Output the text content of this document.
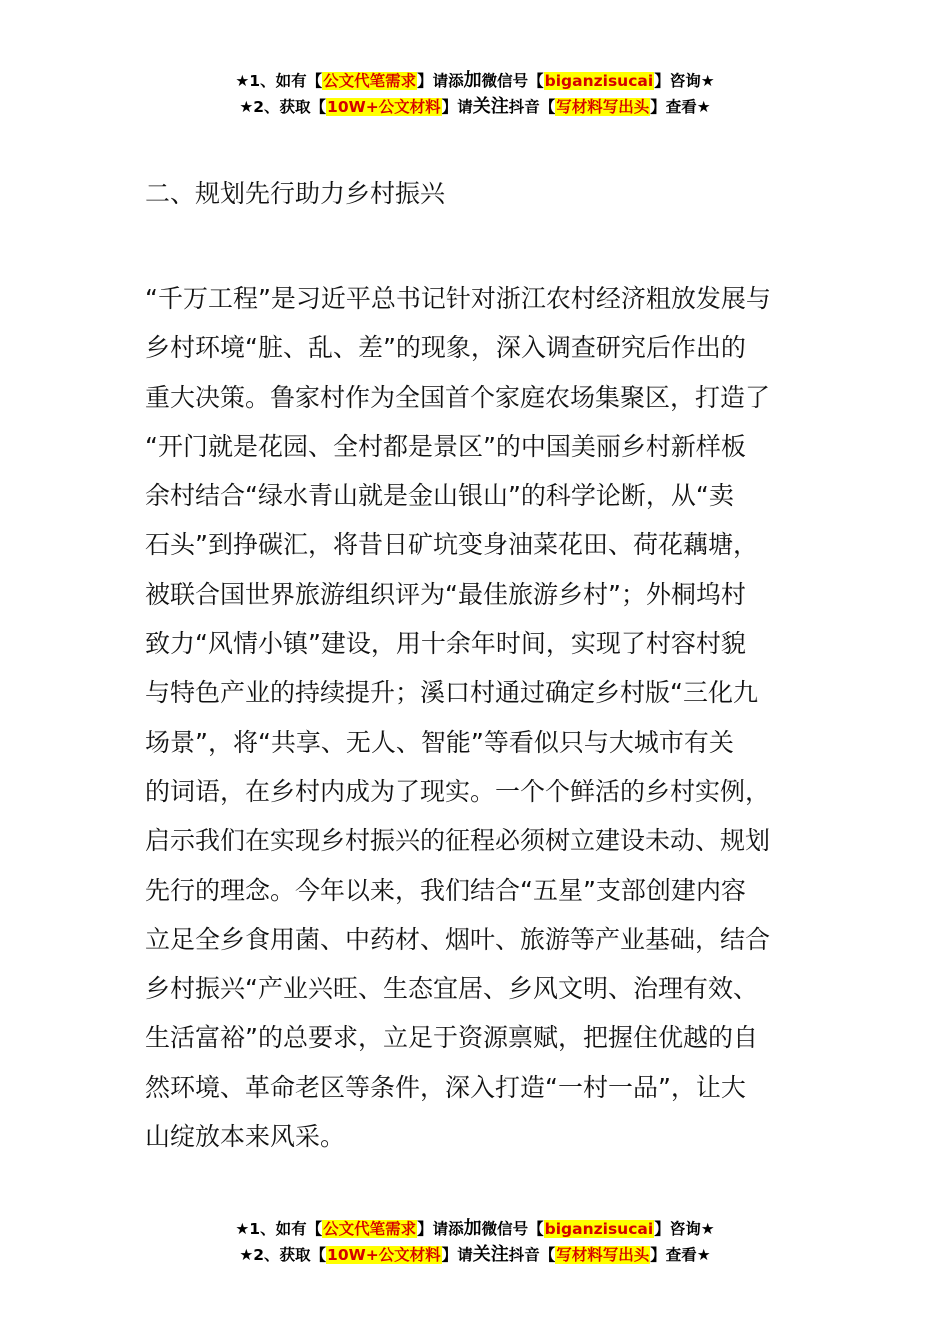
★1、如有【公文代笔需求】请添加微信号【biganzisucai】咨询★
★2、获取【10W+公文材料】请关注抖音【写材料写出头】查看★
二、规划先行助力乡村振兴
“千万工程”是习近平总书记针对浙江农村经济粗放发展与
乡村环境“脏、乱、差”的现象，深入调查研究后作出的
重大决策。鲁家村作为全国首个家庭农场集聚区，打造了
“开门就是花园、全村都是景区”的中国美丽乡村新样板
余村结合“绿水青山就是金山银山”的科学论断，从“卖
石头”到挣碳汇，将昔日矿坑变身油菜花田、荷花藕塘，
被联合国世界旅游组织评为“最佳旅游乡村”；外桐坞村
致力“风情小镇”建设，用十余年时间，实现了村容村貌
与特色产业的持续提升；溪口村通过确定乡村版“三化九
场景”，将“共享、无人、智能”等看似只与大城市有关
的词语，在乡村内成为了现实。一个个鲜活的乡村实例，
启示我们在实现乡村振兴的征程必须树立建设未动、规划
先行的理念。今年以来，我们结合“五星”支部创建内容
立足全乡食用菌、中药材、烟叶、旅游等产业基础，结合
乡村振兴“产业兴旺、生态宜居、乡风文明、治理有效、
生活富裕”的总要求，立足于资源禀赋，把握住优越的自
然环境、革命老区等条件，深入打造“一村一品”，让大
山绽放本来风采。
★1、如有【公文代笔需求】请添加微信号【biganzisucai】咨询★
★2、获取【10W+公文材料】请关注抖音【写材料写出头】查看★
